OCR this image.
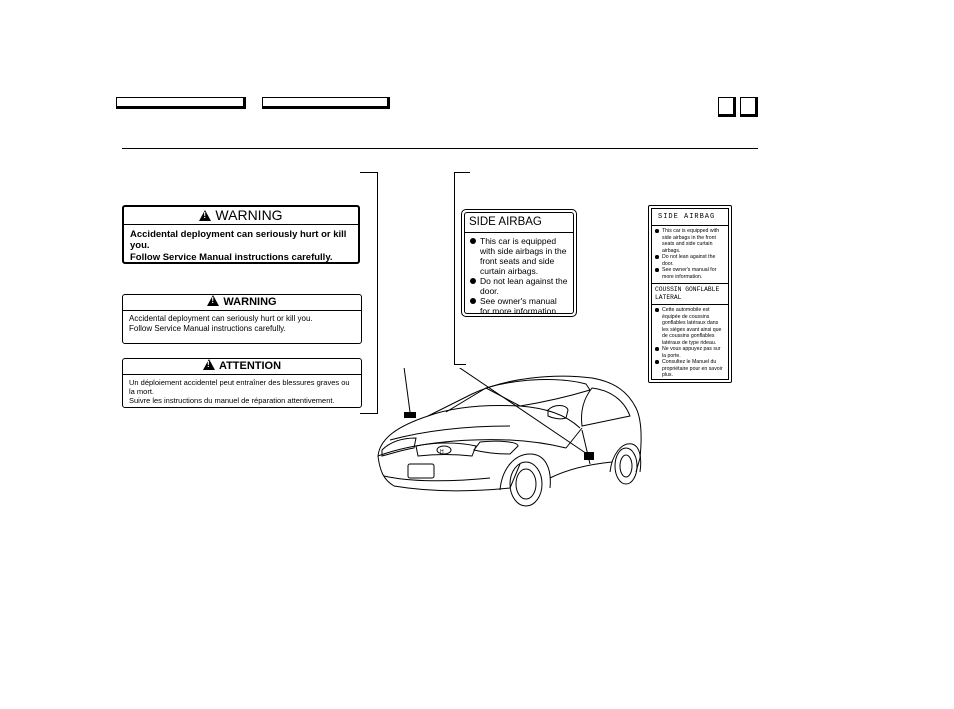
!WARNING
Accidental deployment can seriously hurt or kill you.
Follow Service Manual instructions carefully.
!WARNING
Accidental deployment can seriously hurt or kill you.
Follow Service Manual instructions carefully.
!ATTENTION
Un déploiement accidentel peut entraîner des blessures graves ou la mort.
Suivre les instructions du manuel de réparation attentivement.
SIDE AIRBAG
This car is equipped with side airbags in the front seats and side curtain airbags.
Do not lean against the door.
See owner's manual for more information.
SIDE AIRBAG
This car is equipped with side airbags in the front seats and side curtain airbags.
Do not lean against the door.
See owner's manual for more information.
COUSSIN GONFLABLE LATERAL
Cette automobile est équipée de coussins gonflables latéraux dans les sièges avant ainsi que de coussins gonflables latéraux de type rideau.
Ne vous appuyez pas sur la porte.
Consultez le Manuel du propriétaire pour en savoir plus.
H
